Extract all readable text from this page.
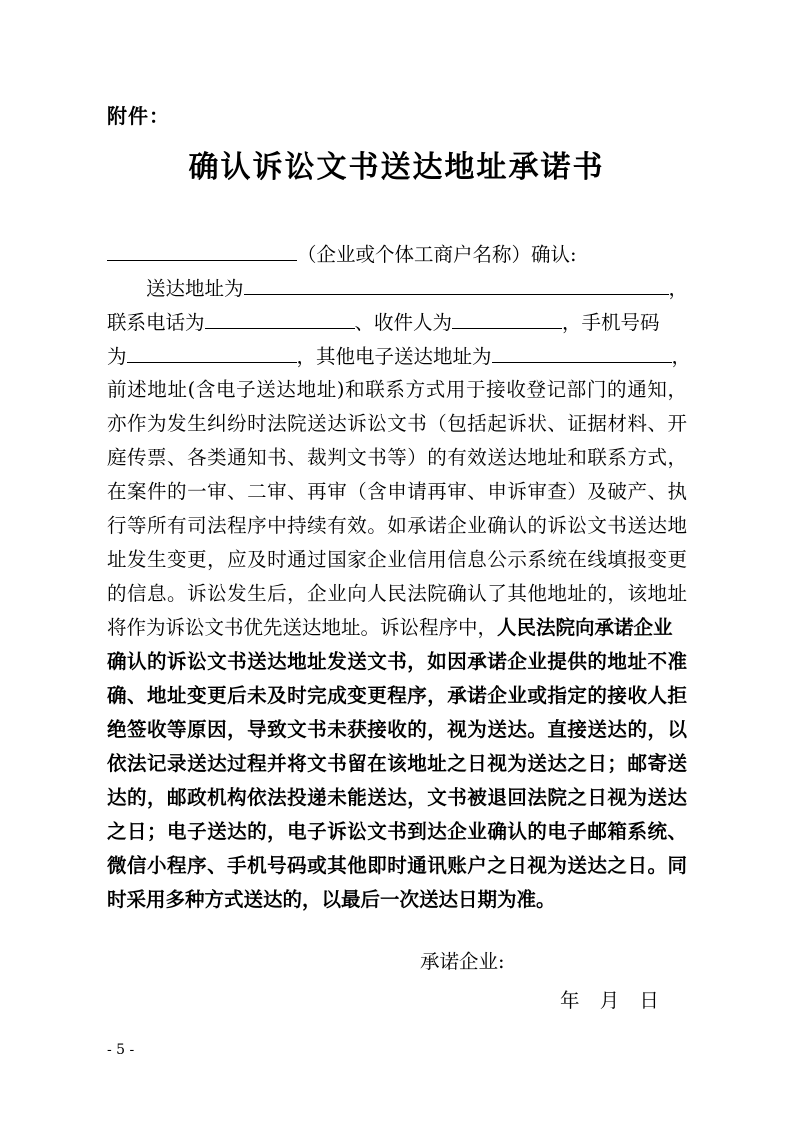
附件：
确认诉讼文书送达地址承诺书
（企业或个体工商户名称）确认:
送达地址为	，
联系电话为	、收件人为	，手机号码
为	，其他电子送达地址为	，
前述地址(含电子送达地址)和联系方式用于接收登记部门的通知，
亦作为发生纠纷时法院送达诉讼文书（包括起诉状、证据材料、开
庭传票、各类通知书、裁判文书等）的有效送达地址和联系方式，
在案件的一审、二审、再审（含申请再审、申诉审查）及破产、执
行等所有司法程序中持续有效。如承诺企业确认的诉讼文书送达地
址发生变更，应及时通过国家企业信用信息公示系统在线填报变更
的信息。诉讼发生后，企业向人民法院确认了其他地址的，该地址
将作为诉讼文书优先送达地址。诉讼程序中，人民法院向承诺企业
确认的诉讼文书送达地址发送文书，如因承诺企业提供的地址不准
确、地址变更后未及时完成变更程序，承诺企业或指定的接收人拒
绝签收等原因，导致文书未获接收的，视为送达。直接送达的，以
依法记录送达过程并将文书留在该地址之日视为送达之日；邮寄送
达的，邮政机构依法投递未能送达，文书被退回法院之日视为送达
之日；电子送达的，电子诉讼文书到达企业确认的电子邮箱系统、
微信小程序、手机号码或其他即时通讯账户之日视为送达之日。同
时采用多种方式送达的，以最后一次送达日期为准。
承诺企业:
年 月 日
- 5 -
